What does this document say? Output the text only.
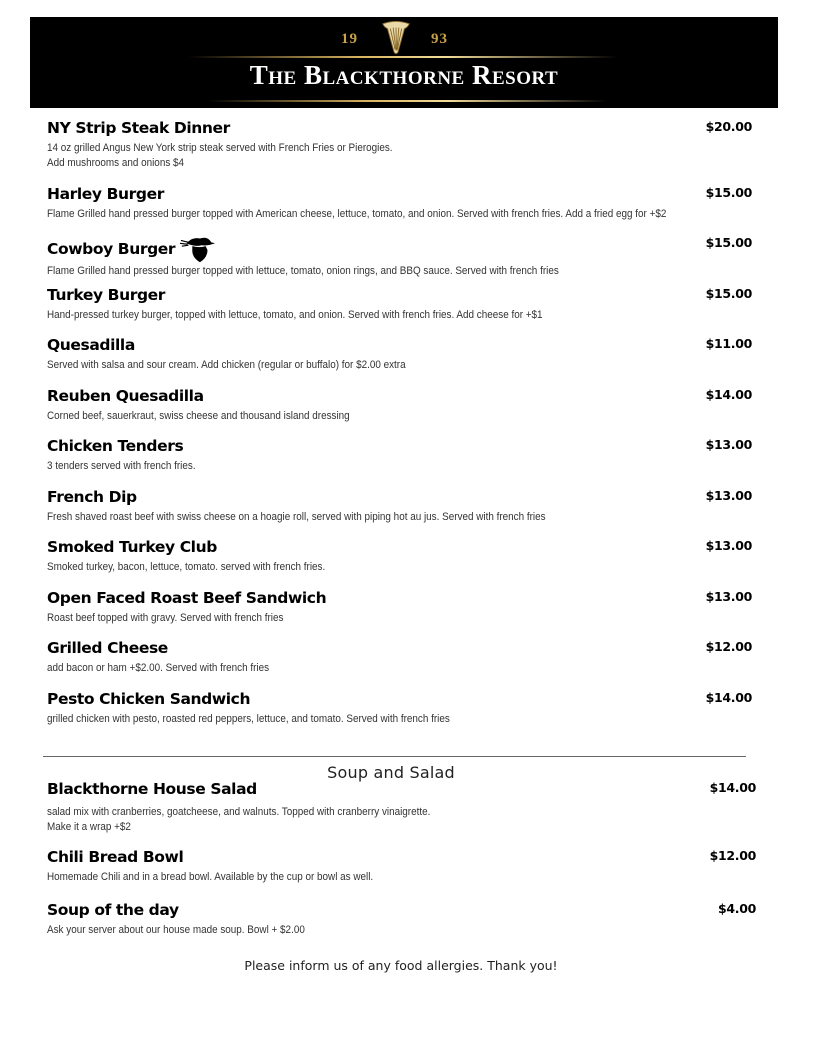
19	93
The Blackthorne Resort
NY Strip Steak Dinner	$20.00
14 oz grilled Angus New York strip steak served with French Fries or Pierogies.
Add mushrooms and onions $4
Harley Burger	$15.00
Flame Grilled hand pressed burger topped with American cheese, lettuce, tomato, and onion. Served with french fries. Add a fried egg for +$2
Cowboy Burger	$15.00
Flame Grilled hand pressed burger topped with lettuce, tomato, onion rings, and BBQ sauce. Served with french fries
Turkey Burger	$15.00
Hand-pressed turkey burger, topped with lettuce, tomato, and onion. Served with french fries. Add cheese for +$1
Quesadilla	$11.00
Served with salsa and sour cream. Add chicken (regular or buffalo) for $2.00 extra
Reuben Quesadilla	$14.00
Corned beef, sauerkraut, swiss cheese and thousand island dressing
Chicken Tenders	$13.00
3 tenders served with french fries.
French Dip	$13.00
Fresh shaved roast beef with swiss cheese on a hoagie roll, served with piping hot au jus. Served with french fries
Smoked Turkey Club	$13.00
Smoked turkey, bacon, lettuce, tomato. served with french fries.
Open Faced Roast Beef Sandwich	$13.00
Roast beef topped with gravy. Served with french fries
Grilled Cheese	$12.00
add bacon or ham +$2.00. Served with french fries
Pesto Chicken Sandwich	$14.00
grilled chicken with pesto, roasted red peppers, lettuce, and tomato. Served with french fries
Soup and Salad
Blackthorne House Salad	$14.00
salad mix with cranberries, goatcheese, and walnuts. Topped with cranberry vinaigrette.
Make it a wrap +$2
Chili Bread Bowl	$12.00
Homemade Chili and in a bread bowl. Available by the cup or bowl as well.
Soup of the day	$4.00
Ask your server about our house made soup. Bowl + $2.00
Please inform us of any food allergies. Thank you!
